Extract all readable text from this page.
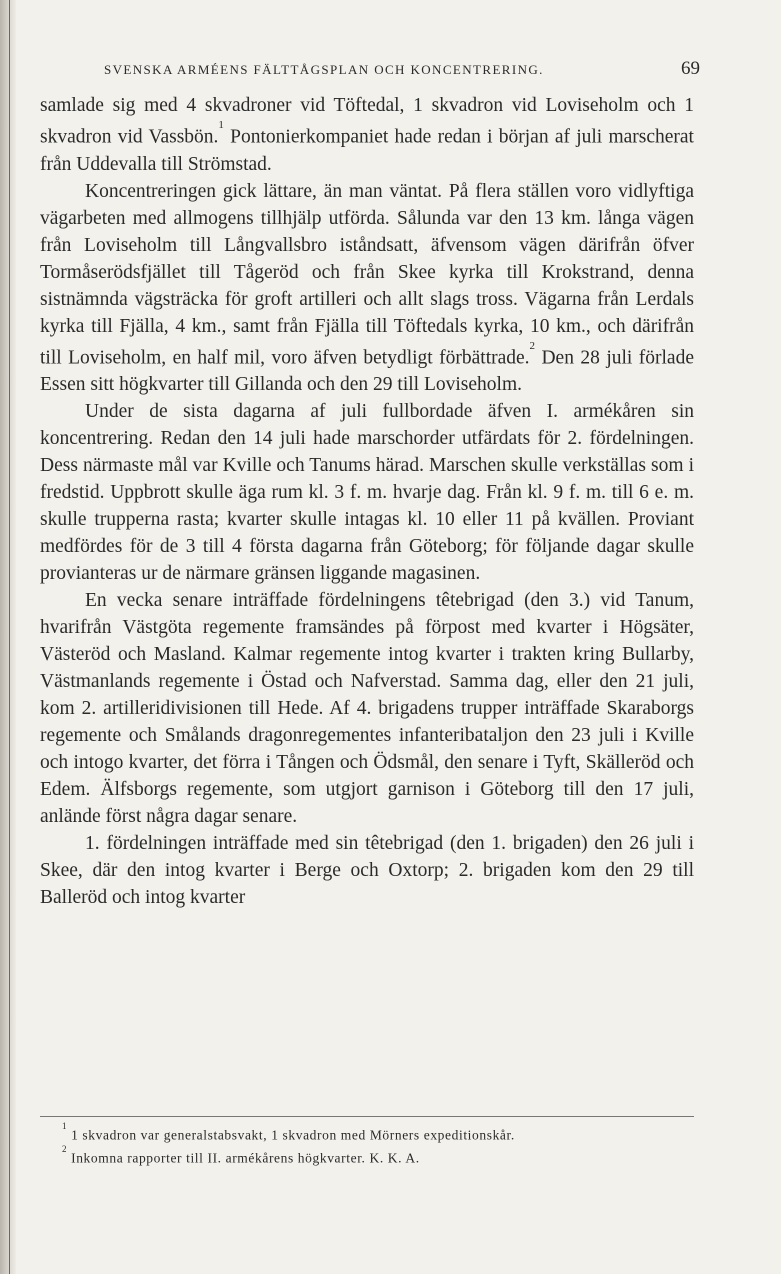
SVENSKA ARMÉENS FÄLTTÅGSPLAN OCH KONCENTRERING.	69

samlade sig med 4 skvadroner vid Töftedal, 1 skvadron vid Loviseholm och 1 skvadron vid Vassbön.$^1$ Pontonierkompaniet hade redan i början af juli marscherat från Uddevalla till Strömstad.

Koncentreringen gick lättare, än man väntat. På flera ställen voro vidlyftiga vägarbeten med allmogens tillhjälp utförda. Sålunda var den 13 km. långa vägen från Loviseholm till Långvallsbro iståndsatt, äfvensom vägen därifrån öfver Tormåserödsfjället till Tågeröd och från Skee kyrka till Krokstrand, denna sistnämnda vägsträcka för groft artilleri och allt slags tross. Vägarna från Lerdals kyrka till Fjälla, 4 km., samt från Fjälla till Töftedals kyrka, 10 km., och därifrån till Loviseholm, en half mil, voro äfven betydligt förbättrade.$^2$ Den 28 juli förlade Essen sitt högkvarter till Gillanda och den 29 till Loviseholm.

Under de sista dagarna af juli fullbordade äfven I. armékåren sin koncentrering. Redan den 14 juli hade marschorder utfärdats för 2. fördelningen. Dess närmaste mål var Kville och Tanums härad. Marschen skulle verkställas som i fredstid. Uppbrott skulle äga rum kl. 3 f. m. hvarje dag. Från kl. 9 f. m. till 6 e. m. skulle trupperna rasta; kvarter skulle intagas kl. 10 eller 11 på kvällen. Proviant medfördes för de 3 till 4 första dagarna från Göteborg; för följande dagar skulle provianteras ur de närmare gränsen liggande magasinen.

En vecka senare inträffade fördelningens têtebrigad (den 3.) vid Tanum, hvarifrån Västgöta regemente framsändes på förpost med kvarter i Högsäter, Västeröd och Masland. Kalmar regemente intog kvarter i trakten kring Bullarby, Västmanlands regemente i Östad och Nafverstad. Samma dag, eller den 21 juli, kom 2. artilleridivisionen till Hede. Af 4. brigadens trupper inträffade Skaraborgs regemente och Smålands dragonregementes infanteribataljon den 23 juli i Kville och intogo kvarter, det förra i Tången och Ödsmål, den senare i Tyft, Skälleröd och Edem. Älfsborgs regemente, som utgjort garnison i Göteborg till den 17 juli, anlände först några dagar senare.

1. fördelningen inträffade med sin têtebrigad (den 1. brigaden) den 26 juli i Skee, där den intog kvarter i Berge och Oxtorp; 2. brigaden kom den 29 till Balleröd och intog kvarter

$^1$ 1 skvadron var generalstabsvakt, 1 skvadron med Mörners expeditionskår.

$^2$ Inkomna rapporter till II. armékårens högkvarter. K. K. A.
